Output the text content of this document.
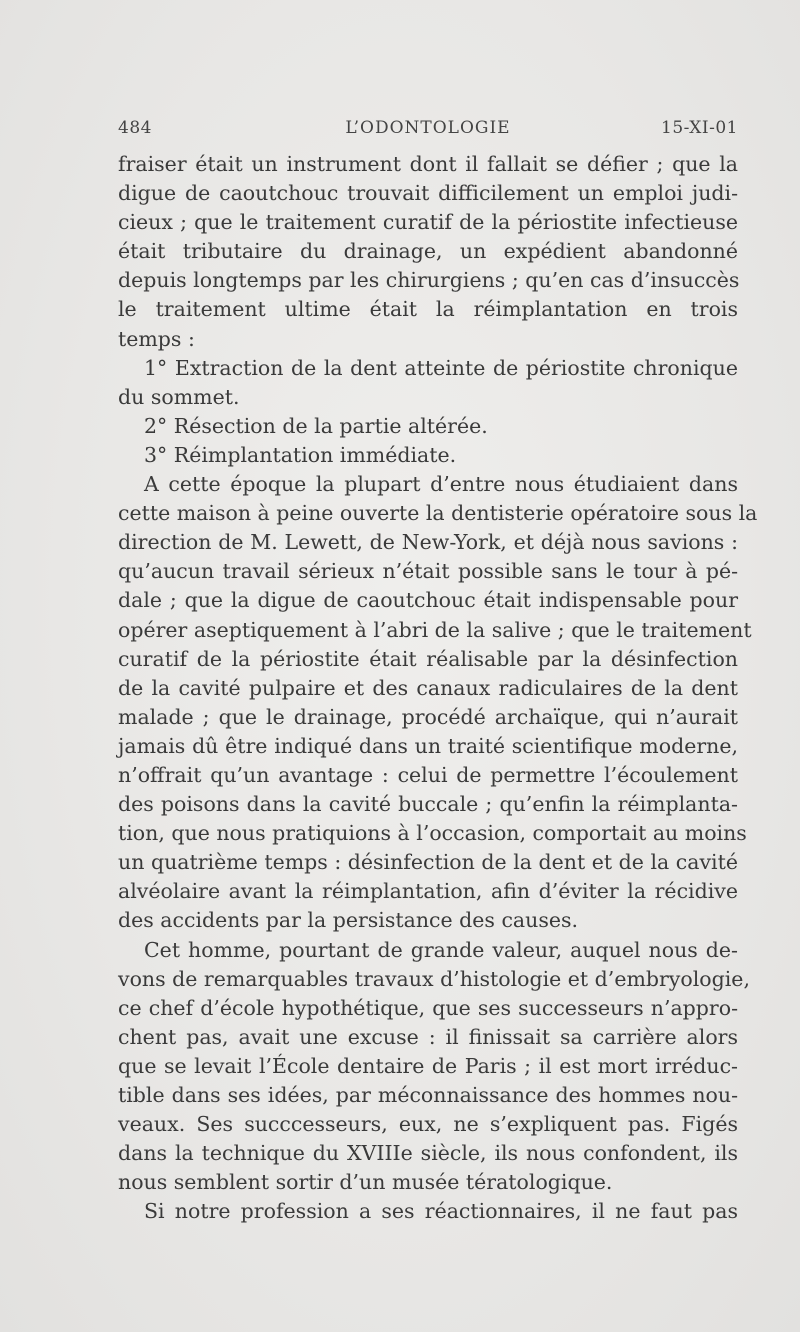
484	L’ODONTOLOGIE	15-XI-01
fraiser était un instrument dont il fallait se défier ; que la
digue de caoutchouc trouvait difficilement un emploi judi-
cieux ; que le traitement curatif de la périostite infectieuse
était tributaire du drainage, un expédient abandonné
depuis longtemps par les chirurgiens ; qu’en cas d’insuccès
le traitement ultime était la réimplantation en trois
temps :
1° Extraction de la dent atteinte de périostite chronique
du sommet.
2° Résection de la partie altérée.
3° Réimplantation immédiate.
A cette époque la plupart d’entre nous étudiaient dans
cette maison à peine ouverte la dentisterie opératoire sous la
direction de M. Lewett, de New-York, et déjà nous savions :
qu’aucun travail sérieux n’était possible sans le tour à pé-
dale ; que la digue de caoutchouc était indispensable pour
opérer aseptiquement à l’abri de la salive ; que le traitement
curatif de la périostite était réalisable par la désinfection
de la cavité pulpaire et des canaux radiculaires de la dent
malade ; que le drainage, procédé archaïque, qui n’aurait
jamais dû être indiqué dans un traité scientifique moderne,
n’offrait qu’un avantage : celui de permettre l’écoulement
des poisons dans la cavité buccale ; qu’enfin la réimplanta-
tion, que nous pratiquions à l’occasion, comportait au moins
un quatrième temps : désinfection de la dent et de la cavité
alvéolaire avant la réimplantation, afin d’éviter la récidive
des accidents par la persistance des causes.
Cet homme, pourtant de grande valeur, auquel nous de-
vons de remarquables travaux d’histologie et d’embryologie,
ce chef d’école hypothétique, que ses successeurs n’appro-
chent pas, avait une excuse : il finissait sa carrière alors
que se levait l’École dentaire de Paris ; il est mort irréduc-
tible dans ses idées, par méconnaissance des hommes nou-
veaux. Ses succcesseurs, eux, ne s’expliquent pas. Figés
dans la technique du XVIIIe siècle, ils nous confondent, ils
nous semblent sortir d’un musée tératologique.
Si notre profession a ses réactionnaires, il ne faut pas
